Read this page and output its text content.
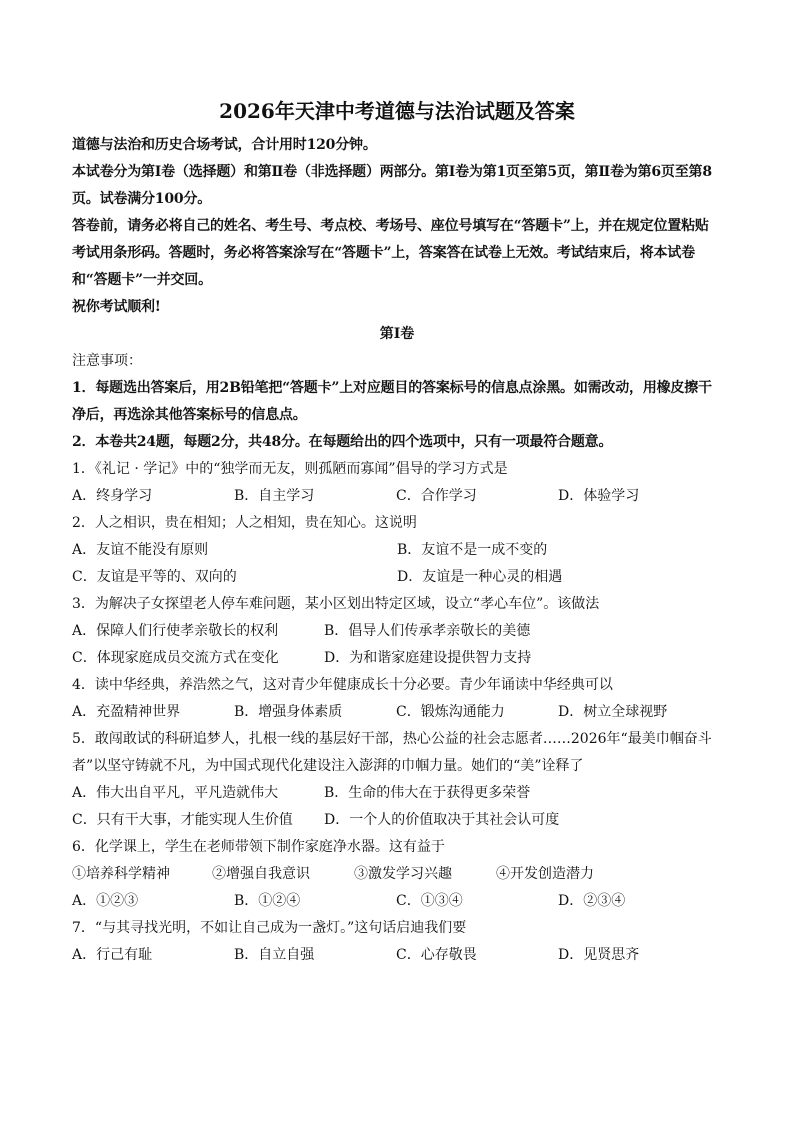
2026年天津中考道德与法治试题及答案

道德与法治和历史合场考试，合计用时120分钟。

本试卷分为第Ⅰ卷（选择题）和第Ⅱ卷（非选择题）两部分。第Ⅰ卷为第1页至第5页，第Ⅱ卷为第6页至第8页。试卷满分100分。

答卷前，请务必将自己的姓名、考生号、考点校、考场号、座位号填写在“答题卡”上，并在规定位置粘贴考试用条形码。答题时，务必将答案涂写在“答题卡”上，答案答在试卷上无效。考试结束后，将本试卷和“答题卡”一并交回。

祝你考试顺利!

第Ⅰ卷

注意事项：

1．每题选出答案后，用2B铅笔把“答题卡”上对应题目的答案标号的信息点涂黑。如需改动，用橡皮擦干净后，再选涂其他答案标号的信息点。

2．本卷共24题，每题2分，共48分。在每题给出的四个选项中，只有一项最符合题意。

1．《礼记 · 学记》中的“独学而无友，则孤陋而寡闻”倡导的学习方式是

A．终身学习	B．自主学习	C．合作学习	D．体验学习

2．人之相识，贵在相知；人之相知，贵在知心。这说明

A．友谊不能没有原则	B．友谊不是一成不变的
C．友谊是平等的、双向的	D．友谊是一种心灵的相遇

3．为解决子女探望老人停车难问题，某小区划出特定区域，设立“孝心车位”。该做法

A．保障人们行使孝亲敬长的权利	B．倡导人们传承孝亲敬长的美德
C．体现家庭成员交流方式在变化	D．为和谐家庭建设提供智力支持

4．读中华经典，养浩然之气，这对青少年健康成长十分必要。青少年诵读中华经典可以

A．充盈精神世界	B．增强身体素质	C．锻炼沟通能力	D．树立全球视野

5．敢闯敢试的科研追梦人，扎根一线的基层好干部，热心公益的社会志愿者……2026年“最美巾帼奋斗者”以坚守铸就不凡，为中国式现代化建设注入澎湃的巾帼力量。她们的“美”诠释了

A．伟大出自平凡，平凡造就伟大	B．生命的伟大在于获得更多荣誉
C．只有干大事，才能实现人生价值	D．一个人的价值取决于其社会认可度

6．化学课上，学生在老师带领下制作家庭净水器。这有益于

①培养科学精神	②增强自我意识	③激发学习兴趣	④开发创造潜力
A．①②③	B．①②④	C．①③④	D．②③④

7．“与其寻找光明，不如让自己成为一盏灯。”这句话启迪我们要

A．行己有耻	B．自立自强	C．心存敬畏	D．见贤思齐
